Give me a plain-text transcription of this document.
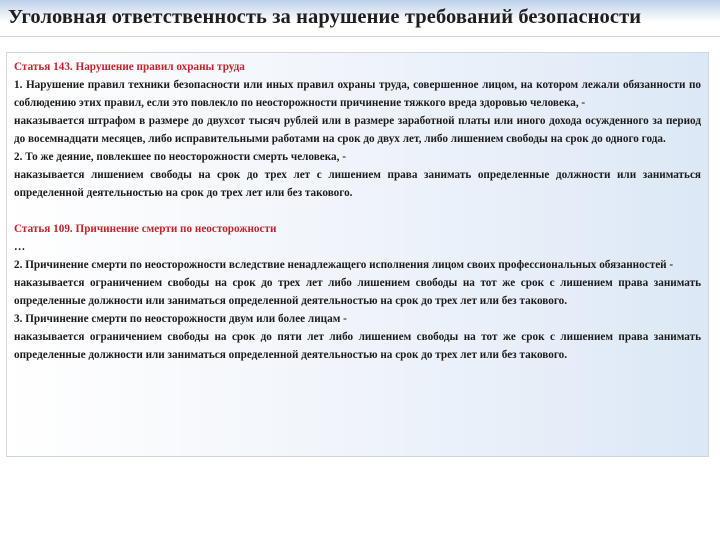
Уголовная ответственность за нарушение требований безопасности

Статья 143. Нарушение правил охраны труда

1. Нарушение правил техники безопасности или иных правил охраны труда, совершенное лицом, на котором лежали обязанности по соблюдению этих правил, если это повлекло по неосторожности причинение тяжкого вреда здоровью человека, -

наказывается штрафом в размере до двухсот тысяч рублей или в размере заработной платы или иного дохода осужденного за период до восемнадцати месяцев, либо исправительными работами на срок до двух лет, либо лишением свободы на срок до одного года.

2. То же деяние, повлекшее по неосторожности смерть человека, -

наказывается лишением свободы на срок до трех лет с лишением права занимать определенные должности или заниматься определенной деятельностью на срок до трех лет или без такового.

Статья 109. Причинение смерти по неосторожности

…

2. Причинение смерти по неосторожности вследствие ненадлежащего исполнения лицом своих профессиональных обязанностей -

наказывается ограничением свободы на срок до трех лет либо лишением свободы на тот же срок с лишением права занимать определенные должности или заниматься определенной деятельностью на срок до трех лет или без такового.

3. Причинение смерти по неосторожности двум или более лицам -

наказывается ограничением свободы на срок до пяти лет либо лишением свободы на тот же срок с лишением права занимать определенные должности или заниматься определенной деятельностью на срок до трех лет или без такового.
